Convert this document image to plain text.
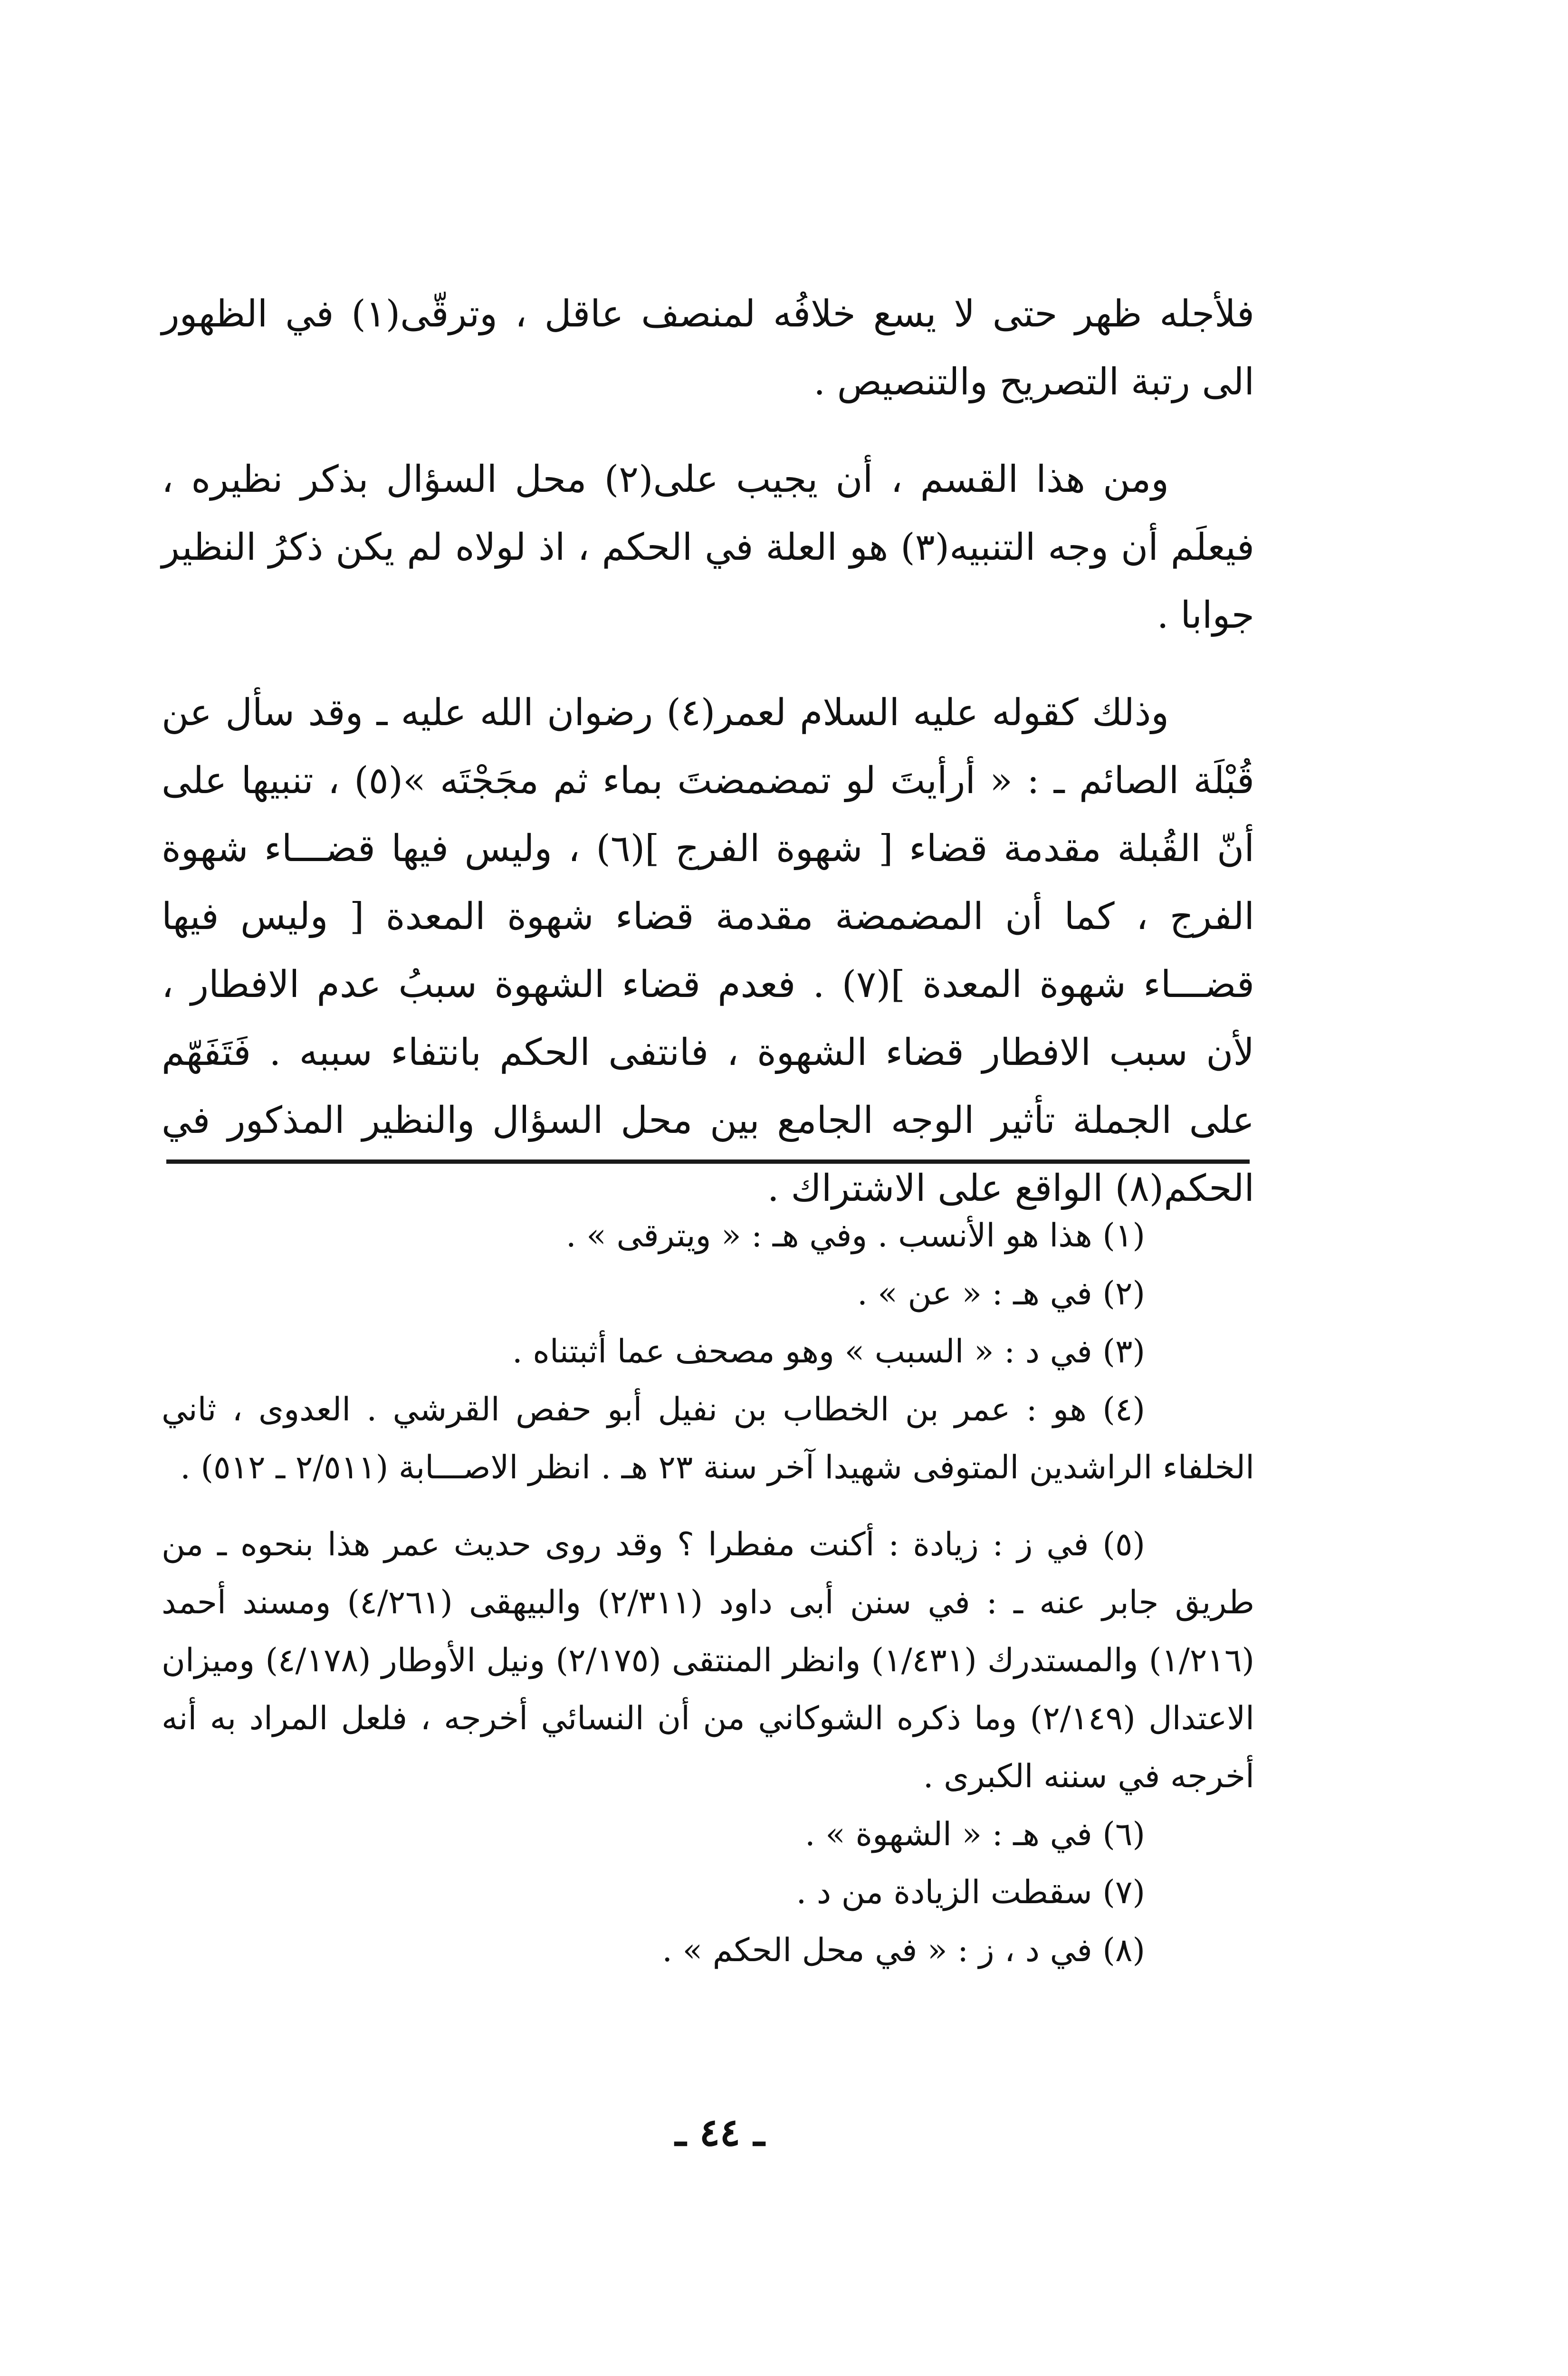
فلأجله ظهر حتى لا يسع خلافُه لمنصف عاقل ، وترقّى(١) في الظهور الى رتبة التصريح والتنصيص .

ومن هذا القسم ، أن يجيب على(٢) محل السؤال بذكر نظيره ، فيعلَم أن وجه التنبيه(٣) هو العلة في الحكم ، اذ لولاه لم يكن ذكرُ النظير جوابا .

وذلك كقوله عليه السلام لعمر(٤) رضوان الله عليه ـ وقد سأل عن قُبْلَة الصائم ـ : « أرأيتَ لو تمضمضتَ بماء ثم مجَجْتَه »(٥) ، تنبيها على أنّ القُبلة مقدمة قضاء [ شهوة الفرج ](٦) ، وليس فيها قضـــاء شهوة الفرج ، كما أن المضمضة مقدمة قضاء شهوة المعدة [ وليس فيها قضـــاء شهوة المعدة ](٧) . فعدم قضاء الشهوة سببُ عدم الافطار ، لأن سبب الافطار قضاء الشهوة ، فانتفى الحكم بانتفاء سببه . فَتَفَهّم على الجملة تأثير الوجه الجامع بين محل السؤال والنظير المذكور في الحكم(٨) الواقع على الاشتراك .

(١) هذا هو الأنسب . وفي هـ : « ويترقى » .

(٢) في هـ : « عن » .

(٣) في د : « السبب » وهو مصحف عما أثبتناه .

(٤) هو : عمر بن الخطاب بن نفيل أبو حفص القرشي . العدوى ، ثاني الخلفاء الراشدين المتوفى شهيدا آخر سنة ٢٣ هـ . انظر الاصـــابة (٢/٥١١ ـ ٥١٢) .

(٥) في ز : زيادة : أكنت مفطرا ؟ وقد روى حديث عمر هذا بنحوه ـ من طريق جابر عنه ـ : في سنن أبى داود (٢/٣١١) والبيهقى (٤/٢٦١) ومسند أحمد (١/٢١٦) والمستدرك (١/٤٣١) وانظر المنتقى (٢/١٧٥) ونيل الأوطار (٤/١٧٨) وميزان الاعتدال (٢/١٤٩) وما ذكره الشوكاني من أن النسائي أخرجه ، فلعل المراد به أنه أخرجه في سننه الكبرى .

(٦) في هـ : « الشهوة » .

(٧) سقطت الزيادة من د .

(٨) في د ، ز : « في محل الحكم » .

ـ ٤٤ ـ
